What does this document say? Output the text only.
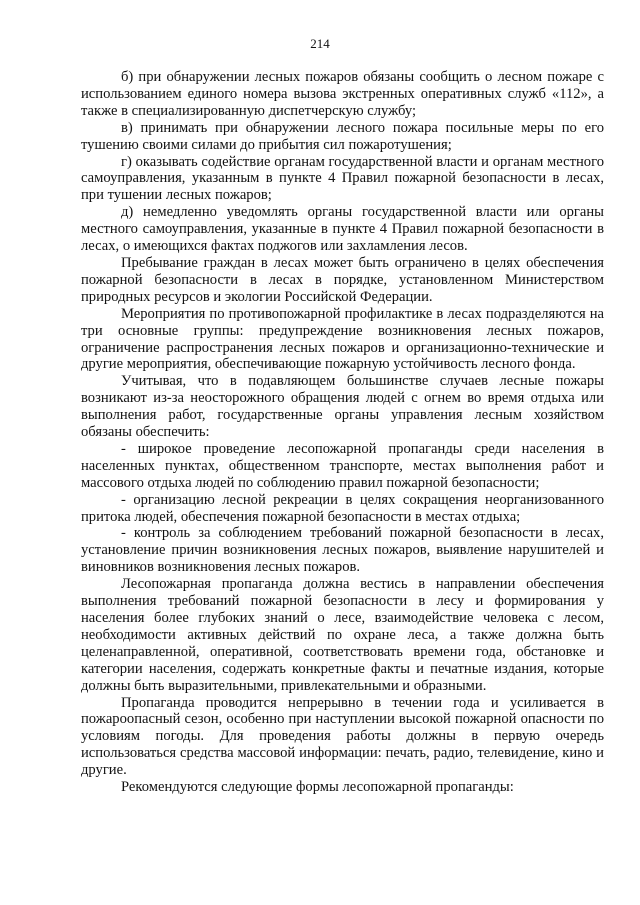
214

б) при обнаружении лесных пожаров обязаны сообщить о лесном пожаре с использованием единого номера вызова экстренных оперативных служб «112», а также в специализированную диспетчерскую службу;

в) принимать при обнаружении лесного пожара посильные меры по его тушению своими силами до прибытия сил пожаротушения;

г) оказывать содействие органам государственной власти и органам местного самоуправления, указанным в пункте 4 Правил пожарной безопасности в лесах, при тушении лесных пожаров;

д) немедленно уведомлять органы государственной власти или органы местного самоуправления, указанные в пункте 4 Правил пожарной безопасности в лесах, о имеющихся фактах поджогов или захламления лесов.

Пребывание граждан в лесах может быть ограничено в целях обеспечения пожарной безопасности в лесах в порядке, установленном Министерством природных ресурсов и экологии Российской Федерации.

Мероприятия по противопожарной профилактике в лесах подразделяются на три основные группы: предупреждение возникновения лесных пожаров, ограничение распространения лесных пожаров и организационно-технические и другие мероприятия, обеспечивающие пожарную устойчивость лесного фонда.

Учитывая, что в подавляющем большинстве случаев лесные пожары возникают из-за неосторожного обращения людей с огнем во время отдыха или выполнения работ, государственные органы управления лесным хозяйством обязаны обеспечить:

- широкое проведение лесопожарной пропаганды среди населения в населенных пунктах, общественном транспорте, местах выполнения работ и массового отдыха людей по соблюдению правил пожарной безопасности;

- организацию лесной рекреации в целях сокращения неорганизованного притока людей, обеспечения пожарной безопасности в местах отдыха;

- контроль за соблюдением требований пожарной безопасности в лесах, установление причин возникновения лесных пожаров, выявление нарушителей и виновников возникновения лесных пожаров.

Лесопожарная пропаганда должна вестись в направлении обеспечения выполнения требований пожарной безопасности в лесу и формирования у населения более глубоких знаний о лесе, взаимодействие человека с лесом, необходимости активных действий по охране леса, а также должна быть целенаправленной, оперативной, соответствовать времени года, обстановке и категории населения, содержать конкретные факты и печатные издания, которые должны быть выразительными, привлекательными и образными.

Пропаганда проводится непрерывно в течении года и усиливается в пожароопасный сезон, особенно при наступлении высокой пожарной опасности по условиям погоды. Для проведения работы должны в первую очередь использоваться средства массовой информации: печать, радио, телевидение, кино и другие.

Рекомендуются следующие формы лесопожарной пропаганды:
